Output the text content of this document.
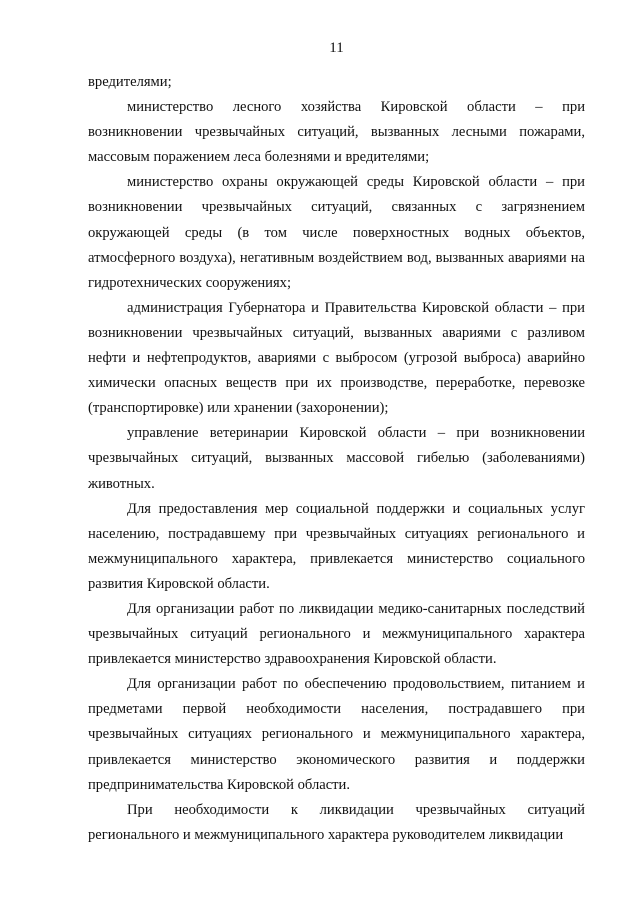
11

вредителями;

министерство лесного хозяйства Кировской области – при возникновении чрезвычайных ситуаций, вызванных лесными пожарами, массовым поражением леса болезнями и вредителями;

министерство охраны окружающей среды Кировской области – при возникновении чрезвычайных ситуаций, связанных с загрязнением окружающей среды (в том числе поверхностных водных объектов, атмосферного воздуха), негативным воздействием вод, вызванных авариями на гидротехнических сооружениях;

администрация Губернатора и Правительства Кировской области – при возникновении чрезвычайных ситуаций, вызванных авариями с разливом нефти и нефтепродуктов, авариями с выбросом (угрозой выброса) аварийно химически опасных веществ при их производстве, переработке, перевозке (транспортировке) или хранении (захоронении);

управление ветеринарии Кировской области – при возникновении чрезвычайных ситуаций, вызванных массовой гибелью (заболеваниями) животных.

Для предоставления мер социальной поддержки и социальных услуг населению, пострадавшему при чрезвычайных ситуациях регионального и межмуниципального характера, привлекается министерство социального развития Кировской области.

Для организации работ по ликвидации медико-санитарных последствий чрезвычайных ситуаций регионального и межмуниципального характера привлекается министерство здравоохранения Кировской области.

Для организации работ по обеспечению продовольствием, питанием и предметами первой необходимости населения, пострадавшего при чрезвычайных ситуациях регионального и межмуниципального характера, привлекается министерство экономического развития и поддержки предпринимательства Кировской области.

При необходимости к ликвидации чрезвычайных ситуаций регионального и межмуниципального характера руководителем ликвидации
